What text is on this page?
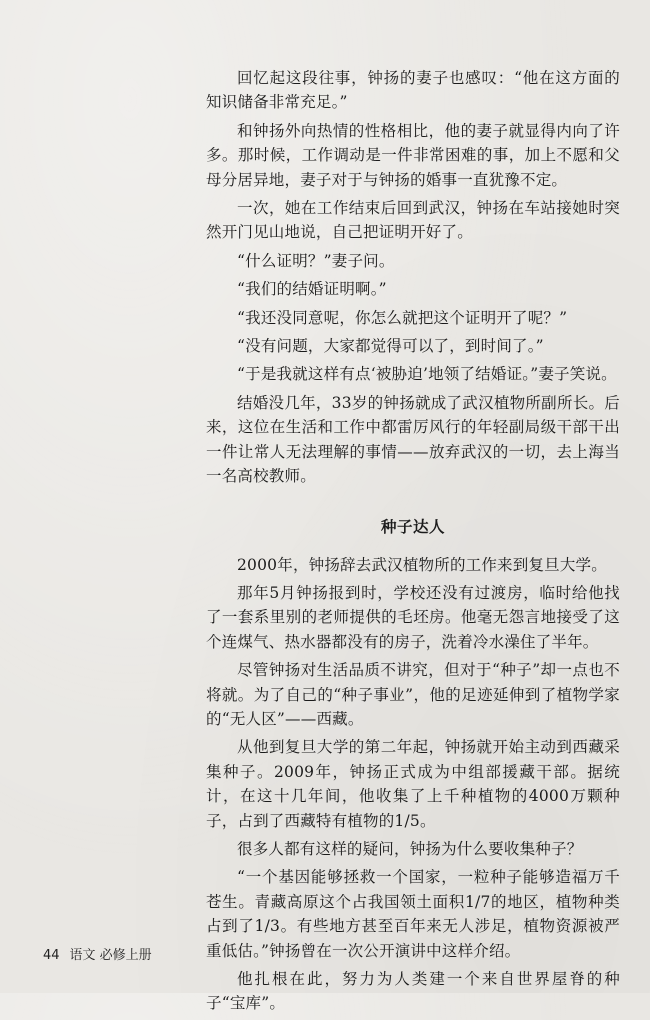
回忆起这段往事，钟扬的妻子也感叹：“他在这方面的知识储备非常充足。”

和钟扬外向热情的性格相比，他的妻子就显得内向了许多。那时候，工作调动是一件非常困难的事，加上不愿和父母分居异地，妻子对于与钟扬的婚事一直犹豫不定。

一次，她在工作结束后回到武汉，钟扬在车站接她时突然开门见山地说，自己把证明开好了。

“什么证明？”妻子问。

“我们的结婚证明啊。”

“我还没同意呢，你怎么就把这个证明开了呢？”

“没有问题，大家都觉得可以了，到时间了。”

“于是我就这样有点‘被胁迫’地领了结婚证。”妻子笑说。

结婚没几年，33岁的钟扬就成了武汉植物所副所长。后来，这位在生活和工作中都雷厉风行的年轻副局级干部干出一件让常人无法理解的事情——放弃武汉的一切，去上海当一名高校教师。

种子达人

2000年，钟扬辞去武汉植物所的工作来到复旦大学。

那年5月钟扬报到时，学校还没有过渡房，临时给他找了一套系里别的老师提供的毛坯房。他毫无怨言地接受了这个连煤气、热水器都没有的房子，洗着冷水澡住了半年。

尽管钟扬对生活品质不讲究，但对于“种子”却一点也不将就。为了自己的“种子事业”，他的足迹延伸到了植物学家的“无人区”——西藏。

从他到复旦大学的第二年起，钟扬就开始主动到西藏采集种子。2009年，钟扬正式成为中组部援藏干部。据统计，在这十几年间，他收集了上千种植物的4000万颗种子，占到了西藏特有植物的1/5。

很多人都有这样的疑问，钟扬为什么要收集种子？

“一个基因能够拯救一个国家，一粒种子能够造福万千苍生。青藏高原这个占我国领土面积1/7的地区，植物种类占到了1/3。有些地方甚至百年来无人涉足，植物资源被严重低估。”钟扬曾在一次公开演讲中这样介绍。

他扎根在此，努力为人类建一个来自世界屋脊的种子“宝库”。

44 语文 必修上册
